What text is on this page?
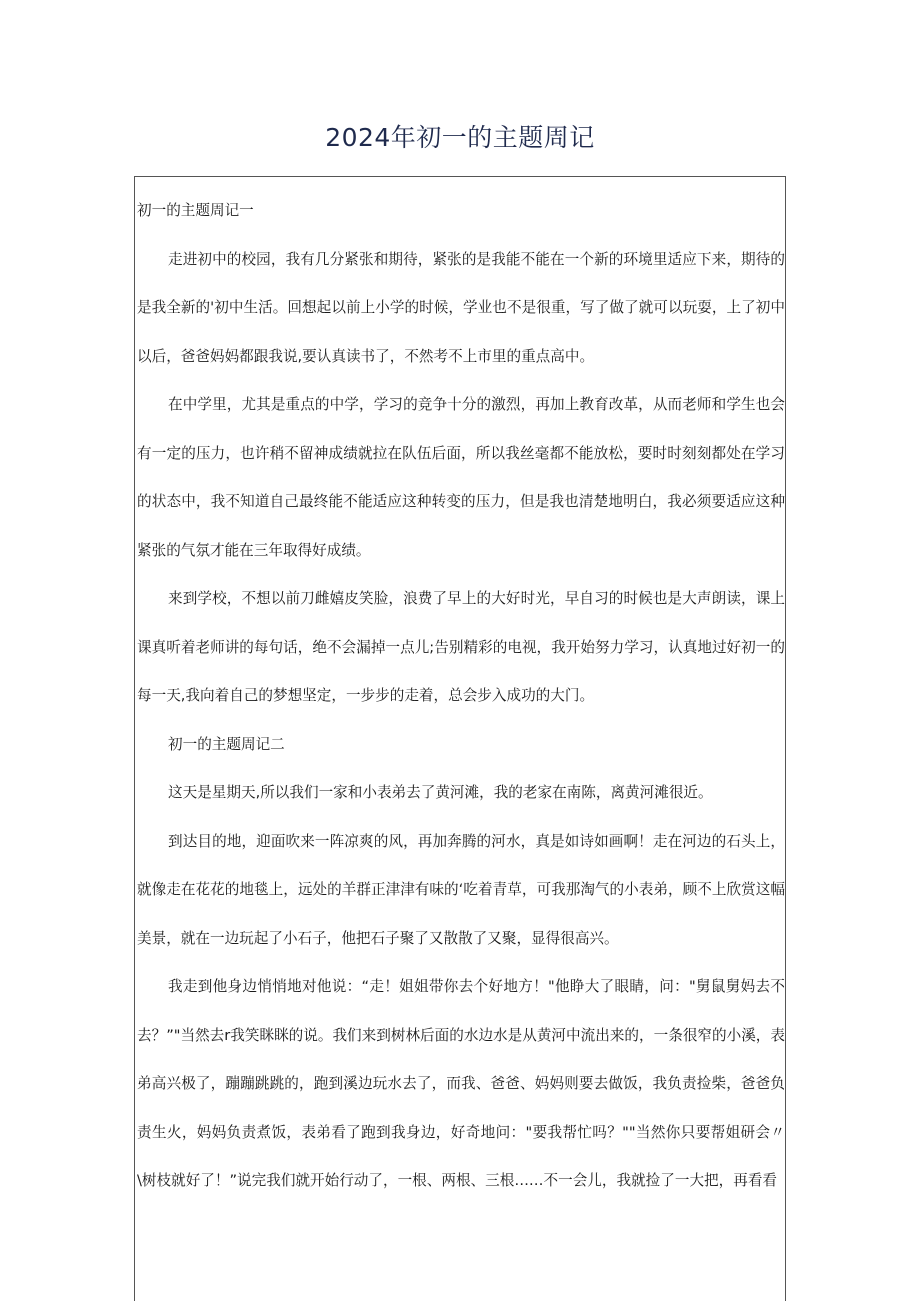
2024年初一的主题周记

初一的主题周记一

走进初中的校园，我有几分紧张和期待，紧张的是我能不能在一个新的环境里适应下来，期待的是我全新的'初中生活。回想起以前上小学的时候，学业也不是很重，写了做了就可以玩耍，上了初中以后，爸爸妈妈都跟我说,要认真读书了，不然考不上市里的重点高中。

在中学里，尤其是重点的中学，学习的竞争十分的激烈，再加上教育改革，从而老师和学生也会有一定的压力，也许稍不留神成绩就拉在队伍后面，所以我丝毫都不能放松，要时时刻刻都处在学习的状态中，我不知道自己最终能不能适应这种转变的压力，但是我也清楚地明白，我必须要适应这种紧张的气氛才能在三年取得好成绩。

来到学校，不想以前刀雌嬉皮笑脸，浪费了早上的大好时光，早自习的时候也是大声朗读，课上课真听着老师讲的每句话，绝不会漏掉一点儿;告别精彩的电视，我开始努力学习，认真地过好初一的每一天,我向着自己的梦想坚定，一步步的走着，总会步入成功的大门。

初一的主题周记二

这天是星期天,所以我们一家和小表弟去了黄河滩，我的老家在南陈，离黄河滩很近。

到达目的地，迎面吹来一阵凉爽的风，再加奔腾的河水，真是如诗如画啊！走在河边的石头上，就像走在花花的地毯上，远处的羊群正津津有味的‘吃着青草，可我那淘气的小表弟，顾不上欣赏这幅美景，就在一边玩起了小石子，他把石子聚了又散散了又聚，显得很高兴。

我走到他身边悄悄地对他说：“走！姐姐带你去个好地方！"他睁大了眼睛，问："舅鼠舅妈去不去？”"当然去r我笑眯眯的说。我们来到树林后面的水边水是从黄河中流出来的，一条很窄的小溪，表弟高兴极了，蹦蹦跳跳的，跑到溪边玩水去了，而我、爸爸、妈妈则要去做饭，我负责捡柴，爸爸负责生火，妈妈负责煮饭，表弟看了跑到我身边，好奇地问："要我帮忙吗？""当然你只要帮姐研会〃\树枝就好了！”说完我们就开始行动了，一根、两根、三根……不一会儿，我就捡了一大把，再看看
